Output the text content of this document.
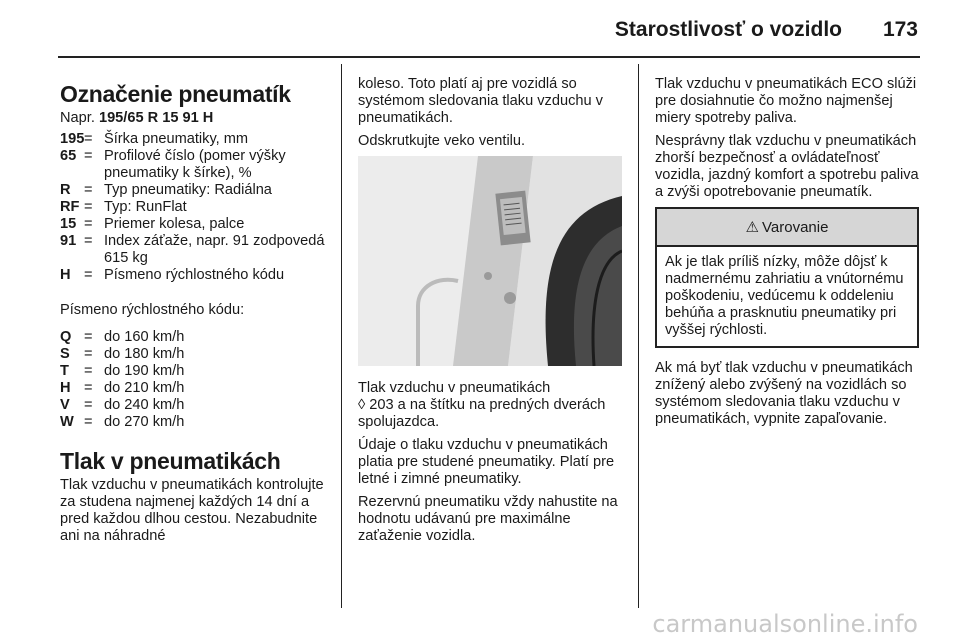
Starostlivosť o vozidlo 173
Označenie pneumatík

Napr. 195/65 R 15 91 H

195 = Šírka pneumatiky, mm
65 = Profilové číslo (pomer výšky pneumatiky k šírke), %
R = Typ pneumatiky: Radiálna
RF = Typ: RunFlat
15 = Priemer kolesa, palce
91 = Index záťaže, napr. 91 zodpovedá 615 kg
H = Písmeno rýchlostného kódu

Písmeno rýchlostného kódu:

Q = do 160 km/h
S = do 180 km/h
T	= do 190 km/h
H = do 210 km/h
V = do 240 km/h
W = do 270 km/h
Tlak v pneumatikách

Tlak vzduchu v pneumatikách kontrolujte za studena najmenej každých 14 dní a pred každou dlhou cestou. Nezabudnite ani na náhradné

koleso. Toto platí aj pre vozidlá so systémom sledovania tlaku vzduchu v pneumatikách.

Odskrutkujte veko ventilu.

Tlak vzduchu v pneumatikách
◊ 203 a na štítku na predných dverách spolujazdca.

Údaje o tlaku vzduchu v pneumatikách platia pre studené pneumatiky. Platí pre letné i zimné pneumatiky.

Rezervnú pneumatiku vždy nahustite na hodnotu udávanú pre maximálne zaťaženie vozidla.

Tlak vzduchu v pneumatikách ECO slúži pre dosiahnutie čo možno najmenšej miery spotreby paliva.

Nesprávny tlak vzduchu v pneumatikách zhorší bezpečnosť a ovládateľnosť vozidla, jazdný komfort a spotrebu paliva a zvýši opotrebovanie pneumatík.

⚠ Varovanie
Ak je tlak príliš nízky, môže dôjsť k nadmernému zahriatiu a vnútornému poškodeniu, vedúcemu k oddeleniu behúňa a prasknutiu pneumatiky pri vyššej rýchlosti.

Ak má byť tlak vzduchu v pneumatikách znížený alebo zvýšený na vozidlách so systémom sledovania tlaku vzduchu v pneumatikách, vypnite zapaľovanie.

carmanualsonline.info
